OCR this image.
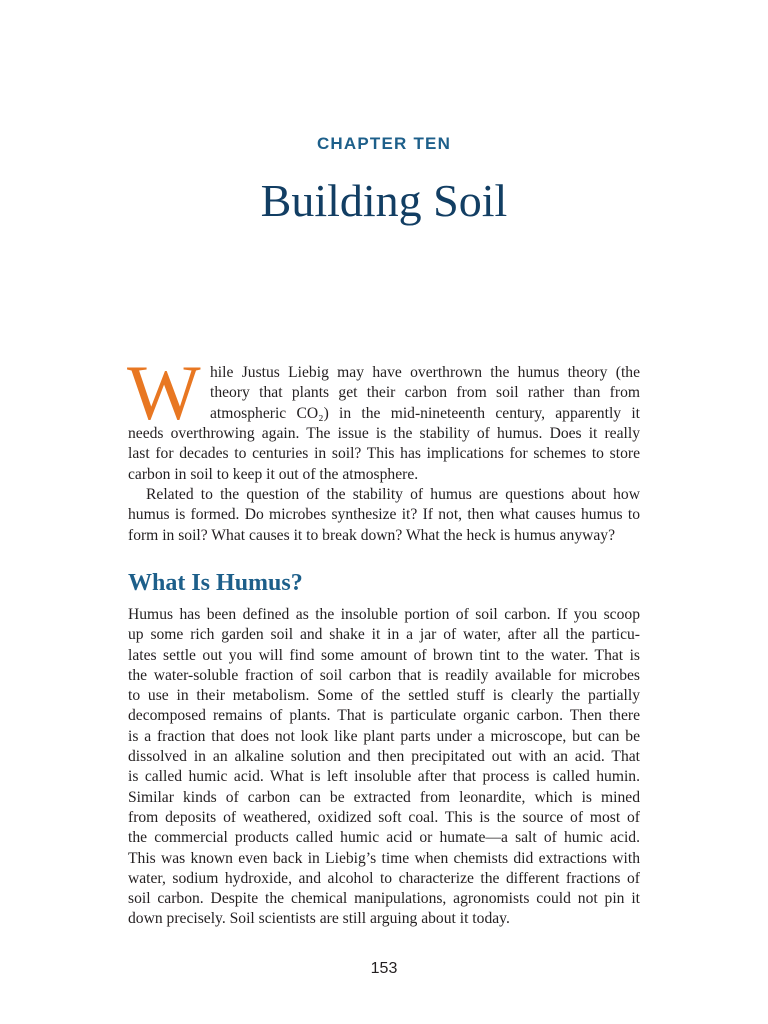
CHAPTER TEN
Building Soil
W hile Justus Liebig may have overthrown the humus theory (the
theory that plants get their carbon from soil rather than from
atmospheric CO₂) in the mid-nineteenth century, apparently it
needs overthrowing again. The issue is the stability of humus. Does it really
last for decades to centuries in soil? This has implications for schemes to store
carbon in soil to keep it out of the atmosphere.
Related to the question of the stability of humus are questions about how
humus is formed. Do microbes synthesize it? If not, then what causes humus to
form in soil? What causes it to break down? What the heck is humus anyway?
What Is Humus?
Humus has been defined as the insoluble portion of soil carbon. If you scoop
up some rich garden soil and shake it in a jar of water, after all the particu-
lates settle out you will find some amount of brown tint to the water. That is
the water-soluble fraction of soil carbon that is readily available for microbes
to use in their metabolism. Some of the settled stuff is clearly the partially
decomposed remains of plants. That is particulate organic carbon. Then there
is a fraction that does not look like plant parts under a microscope, but can be
dissolved in an alkaline solution and then precipitated out with an acid. That
is called humic acid. What is left insoluble after that process is called humin.
Similar kinds of carbon can be extracted from leonardite, which is mined
from deposits of weathered, oxidized soft coal. This is the source of most of
the commercial products called humic acid or humate—a salt of humic acid.
This was known even back in Liebig’s time when chemists did extractions with
water, sodium hydroxide, and alcohol to characterize the different fractions of
soil carbon. Despite the chemical manipulations, agronomists could not pin it
down precisely. Soil scientists are still arguing about it today.
153
